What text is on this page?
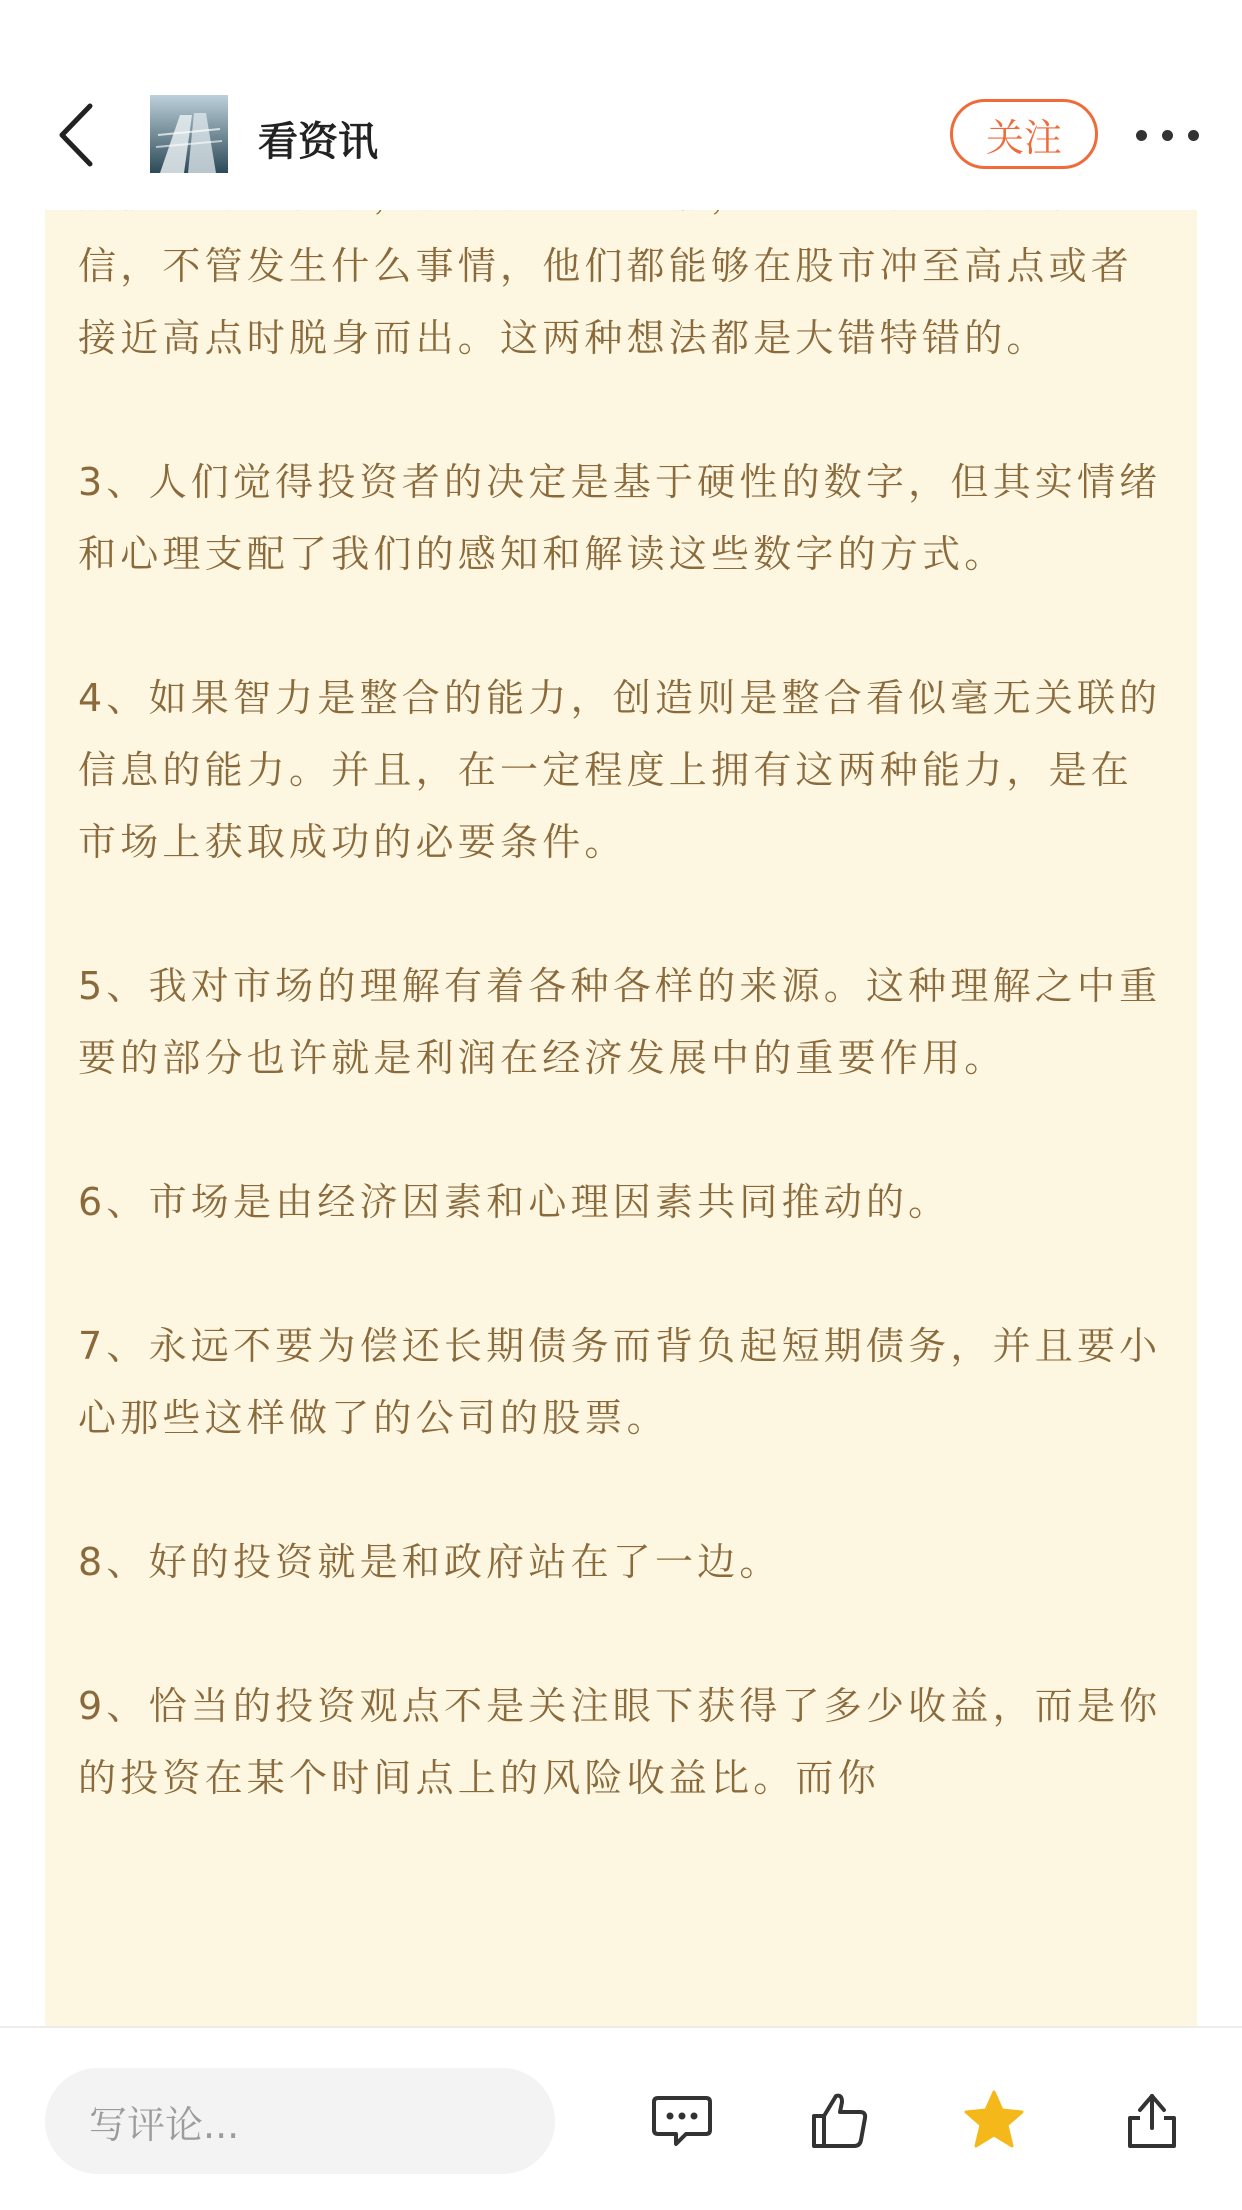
看资讯	关注

信，不管发生什么事情，他们都能够在股市冲至高点或者接近高点时脱身而出。这两种想法都是大错特错的。

3、人们觉得投资者的决定是基于硬性的数字，但其实情绪和心理支配了我们的感知和解读这些数字的方式。

4、如果智力是整合的能力，创造则是整合看似毫无关联的信息的能力。并且，在一定程度上拥有这两种能力，是在市场上获取成功的必要条件。

5、我对市场的理解有着各种各样的来源。这种理解之中重要的部分也许就是利润在经济发展中的重要作用。

6、市场是由经济因素和心理因素共同推动的。

7、永远不要为偿还长期债务而背负起短期债务，并且要小心那些这样做了的公司的股票。

8、好的投资就是和政府站在了一边。

9、恰当的投资观点不是关注眼下获得了多少收益，而是你的投资在某个时间点上的风险收益比。而你

写评论...
